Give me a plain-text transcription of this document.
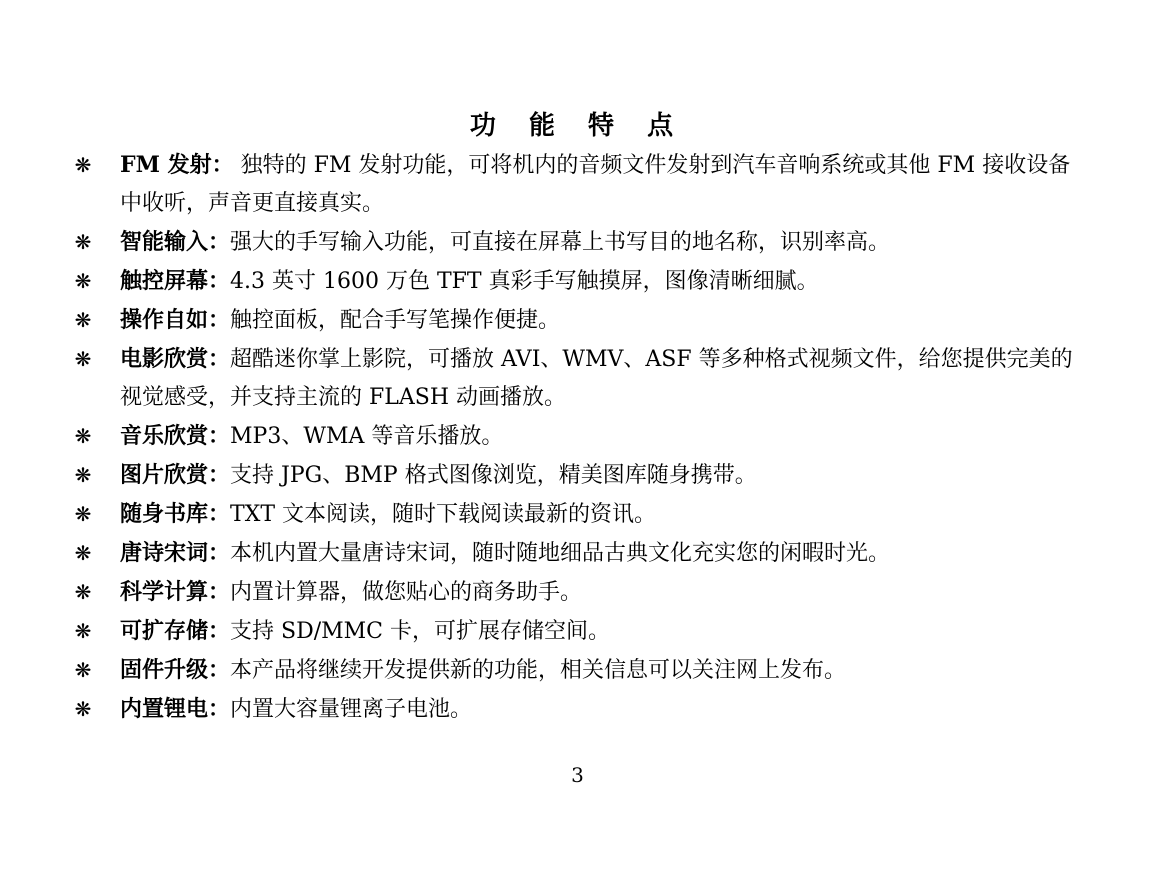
功 能 特 点
❋	FM 发射： 独特的 FM 发射功能，可将机内的音频文件发射到汽车音响系统或其他 FM 接收设备中收听，声音更直接真实。
❋	智能输入：强大的手写输入功能，可直接在屏幕上书写目的地名称，识别率高。
❋	触控屏幕：4.3 英寸 1600 万色 TFT 真彩手写触摸屏，图像清晰细腻。
❋	操作自如：触控面板，配合手写笔操作便捷。
❋	电影欣赏：超酷迷你掌上影院，可播放 AVI、WMV、ASF 等多种格式视频文件，给您提供完美的视觉感受，并支持主流的 FLASH 动画播放。
❋	音乐欣赏：MP3、WMA 等音乐播放。
❋	图片欣赏：支持 JPG、BMP 格式图像浏览，精美图库随身携带。
❋	随身书库：TXT 文本阅读，随时下载阅读最新的资讯。
❋	唐诗宋词：本机内置大量唐诗宋词，随时随地细品古典文化充实您的闲暇时光。
❋	科学计算：内置计算器，做您贴心的商务助手。
❋	可扩存储：支持 SD/MMC 卡，可扩展存储空间。
❋	固件升级：本产品将继续开发提供新的功能，相关信息可以关注网上发布。
❋	内置锂电：内置大容量锂离子电池。
3
